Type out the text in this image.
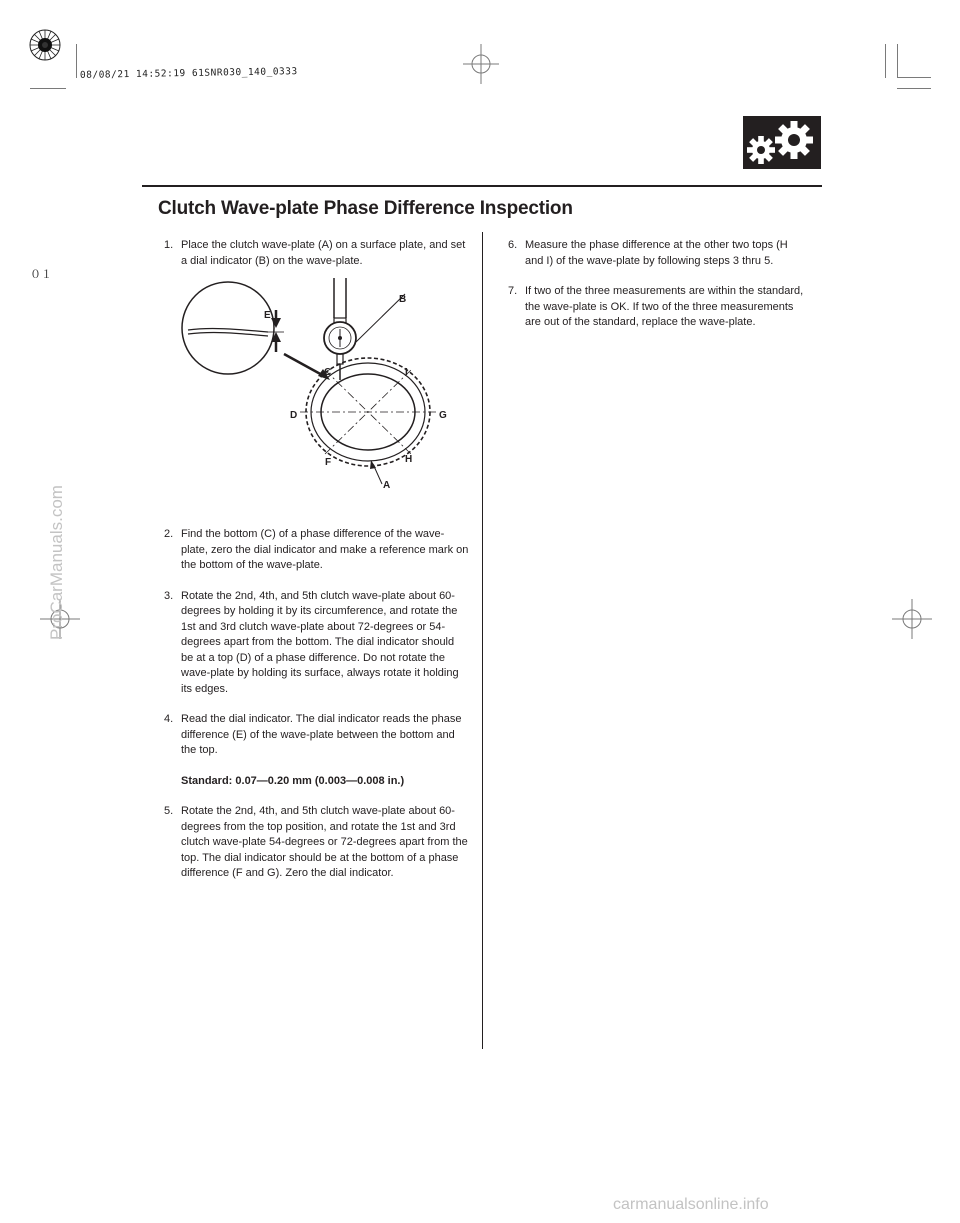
08/08/21 14:52:19 61SNR030_140_0333
０１
Clutch Wave-plate Phase Difference Inspection
1. Place the clutch wave-plate (A) on a surface plate, and set a dial indicator (B) on the wave-plate.
2. Find the bottom (C) of a phase difference of the wave-plate, zero the dial indicator and make a reference mark on the bottom of the wave-plate.
3. Rotate the 2nd, 4th, and 5th clutch wave-plate about 60-degrees by holding it by its circumference, and rotate the 1st and 3rd clutch wave-plate about 72-degrees or 54-degrees apart from the bottom. The dial indicator should be at a top (D) of a phase difference. Do not rotate the wave-plate by holding its surface, always rotate it holding its edges.
4. Read the dial indicator. The dial indicator reads the phase difference (E) of the wave-plate between the bottom and the top.
Standard: 0.07—0.20 mm (0.003—0.008 in.)
5. Rotate the 2nd, 4th, and 5th clutch wave-plate about 60-degrees from the top position, and rotate the 1st and 3rd clutch wave-plate 54-degrees or 72-degrees apart from the top. The dial indicator should be at the bottom of a phase difference (F and G). Zero the dial indicator.
B
E
C	I
D	G
F	H
A
6. Measure the phase difference at the other two tops (H and I) of the wave-plate by following steps 3 thru 5.
7. If two of the three measurements are within the standard, the wave-plate is OK. If two of the three measurements are out of the standard, replace the wave-plate.
ProCarManuals.com
carmanualsonline.info
